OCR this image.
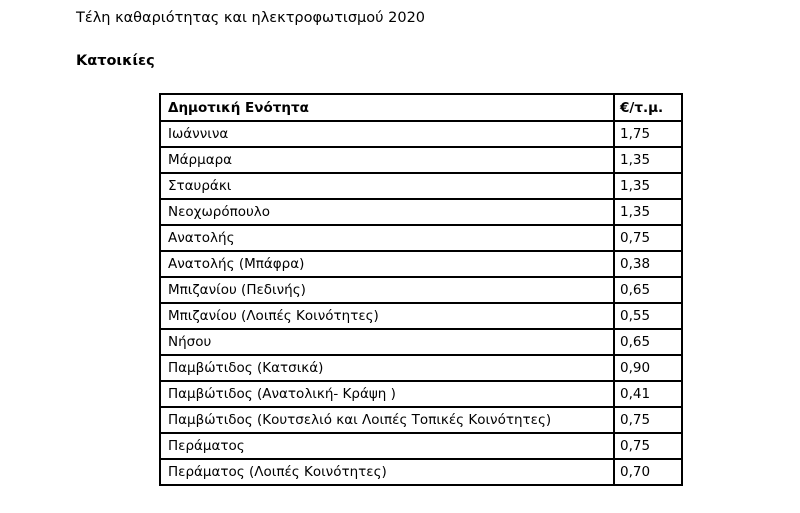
Τέλη καθαριότητας και ηλεκτροφωτισμού 2020
Κατοικίες
Δημοτική Ενότητα	€/τ.μ.
Ιωάννινα	1,75
Μάρμαρα	1,35
Σταυράκι	1,35
Νεοχωρόπουλο	1,35
Ανατολής	0,75
Ανατολής (Μπάφρα)	0,38
Μπιζανίου (Πεδινής)	0,65
Μπιζανίου (Λοιπές Κοινότητες)	0,55
Νήσου	0,65
Παμβώτιδος (Κατσικά)	0,90
Παμβώτιδος (Ανατολική- Κράψη )	0,41
Παμβώτιδος (Κουτσελιό και Λοιπές Τοπικές Κοινότητες)	0,75
Περάματος	0,75
Περάματος (Λοιπές Κοινότητες)	0,70
